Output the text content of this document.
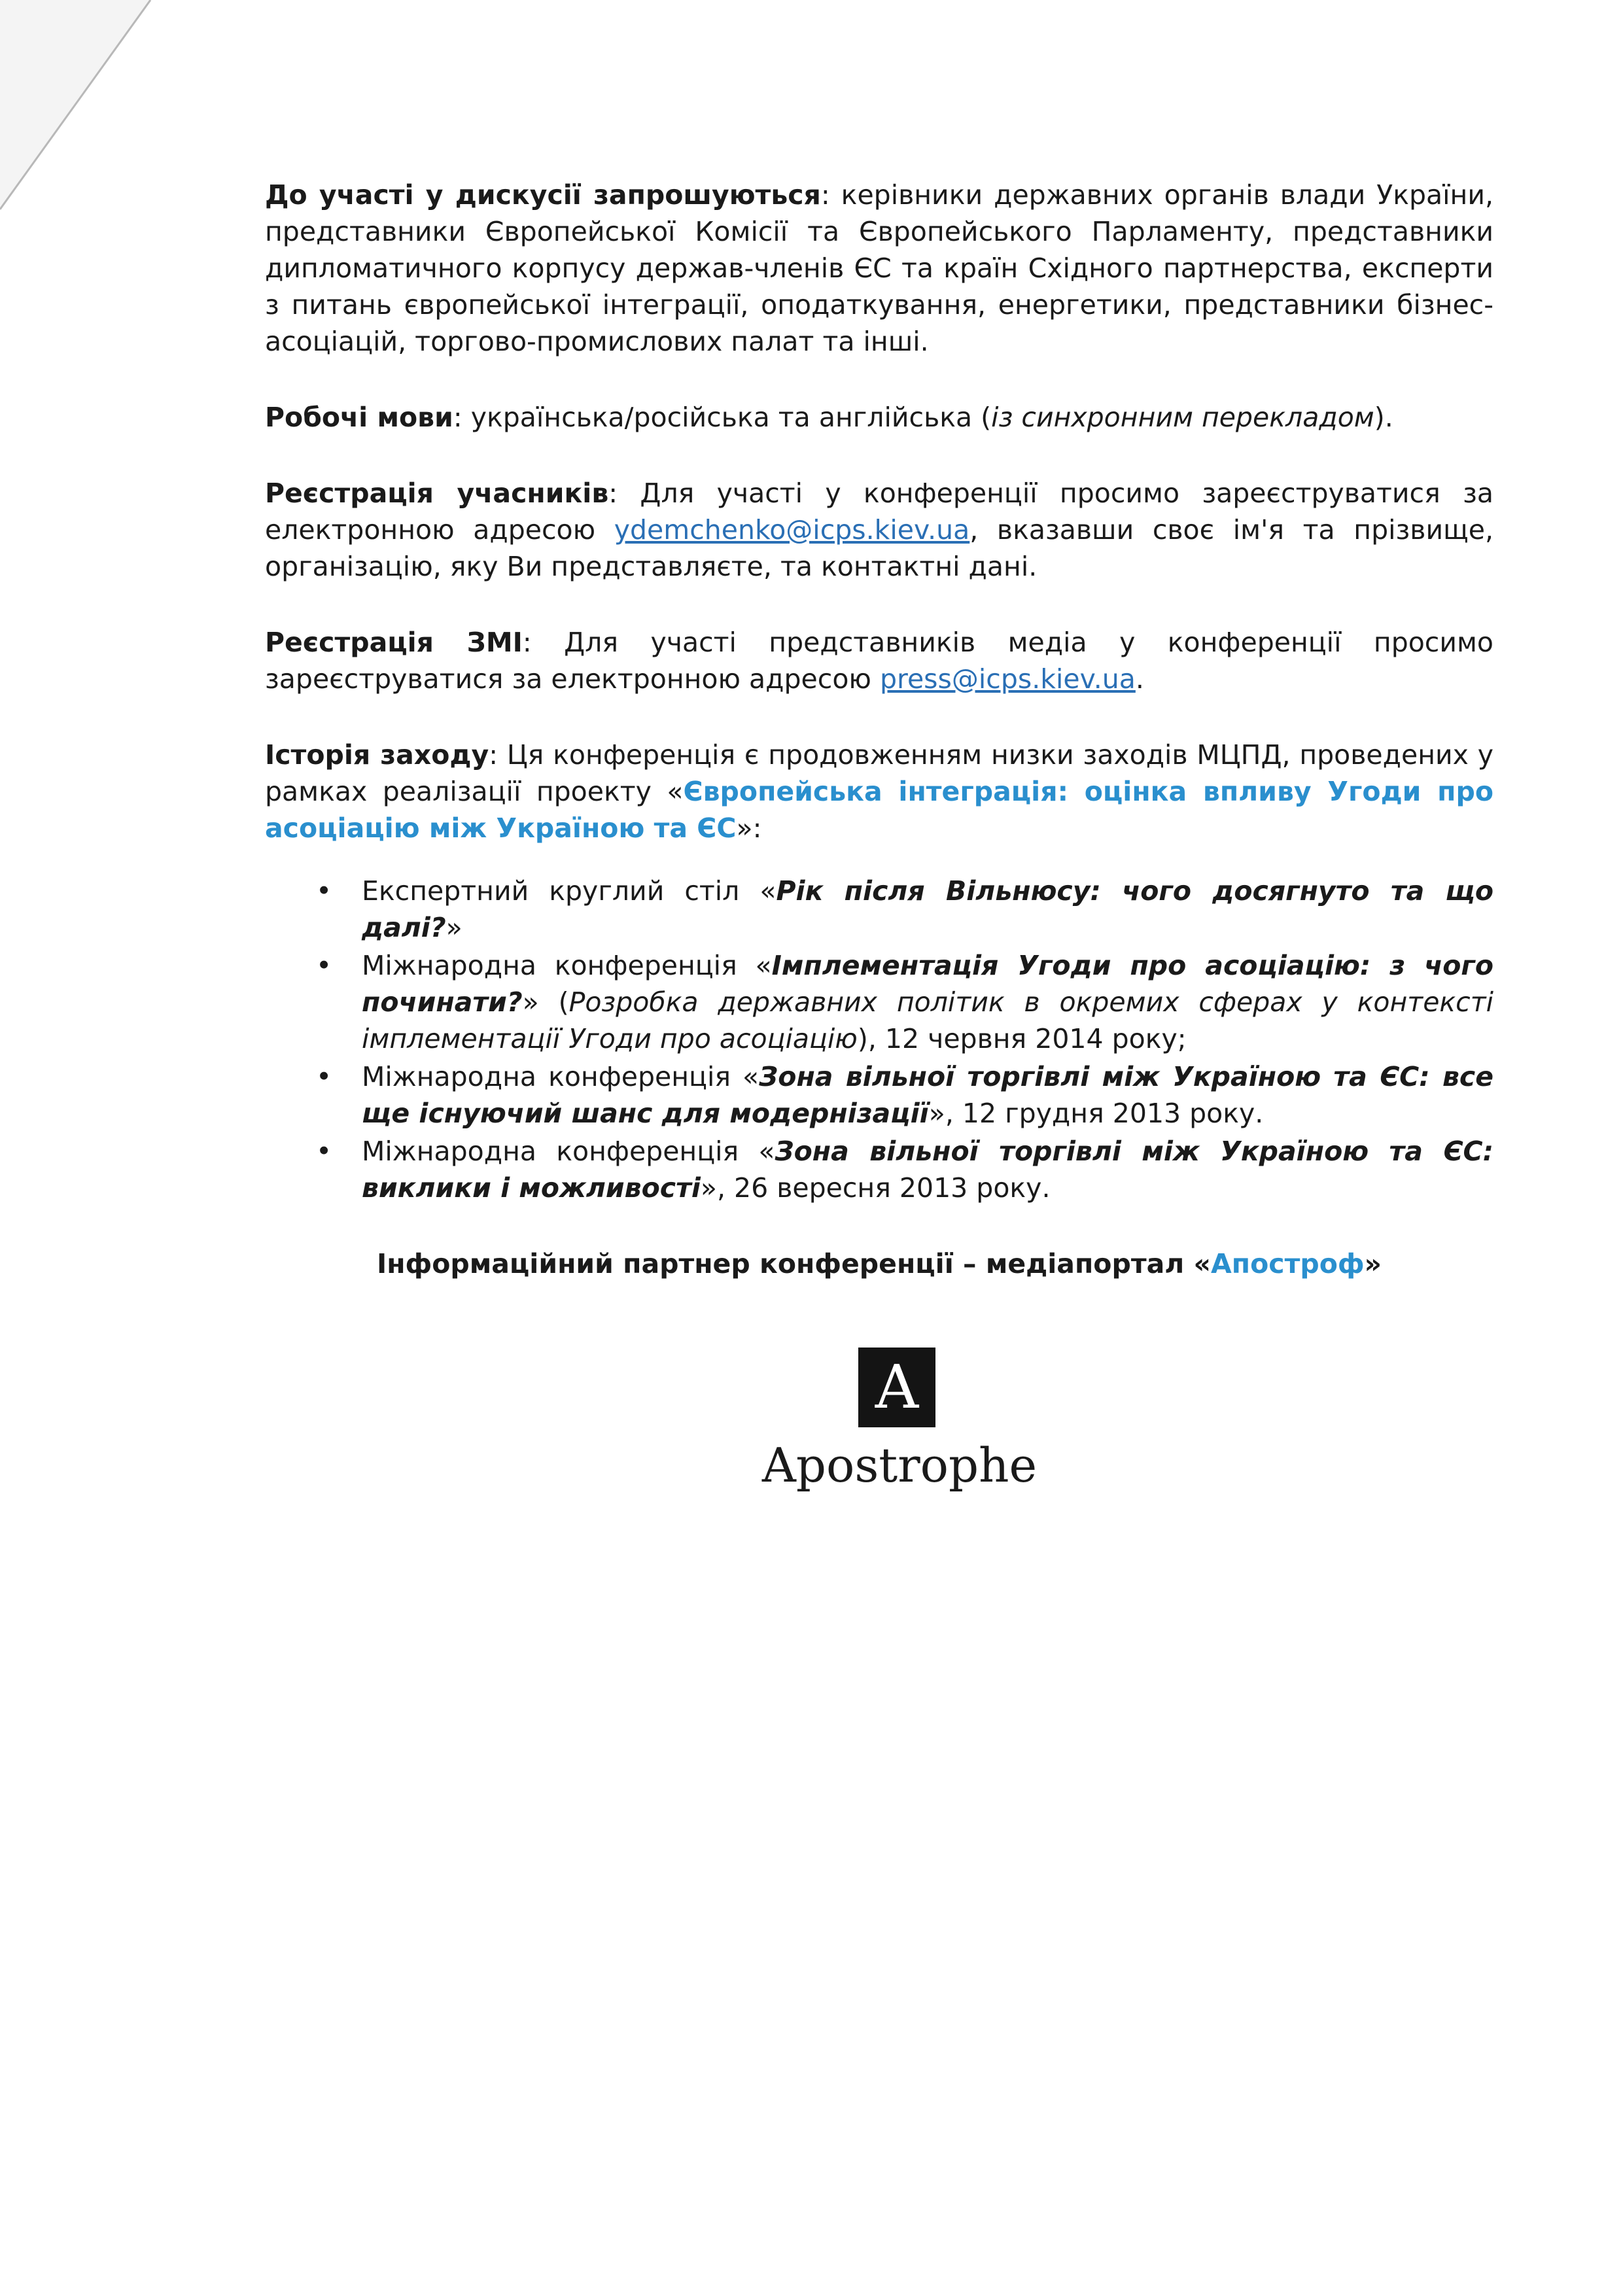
До участі у дискусії запрошуються: керівники державних органів влади України, представники Європейської Комісії та Європейського Парламенту, представники дипломатичного корпусу держав-членів ЄС та країн Східного партнерства, експерти з питань європейської інтеграції, оподаткування, енергетики, представники бізнес-асоціацій, торгово-промислових палат та інші.

Робочі мови: українська/російська та англійська (із синхронним перекладом).

Реєстрація учасників: Для участі у конференції просимо зареєструватися за електронною адресою ydemchenko@icps.kiev.ua, вказавши своє ім'я та прізвище, організацію, яку Ви представляєте, та контактні дані.

Реєстрація ЗМІ: Для участі представників медіа у конференції просимо зареєструватися за електронною адресою press@icps.kiev.ua.

Історія заходу: Ця конференція є продовженням низки заходів МЦПД, проведених у рамках реалізації проекту «Європейська інтеграція: оцінка впливу Угоди про асоціацію між Україною та ЄС»:

• Експертний круглий стіл «Рік після Вільнюсу: чого досягнуто та що далі?»
• Міжнародна конференція «Імплементація Угоди про асоціацію: з чого починати?» (Розробка державних політик в окремих сферах у контексті імплементації Угоди про асоціацію), 12 червня 2014 року;
• Міжнародна конференція «Зона вільної торгівлі між Україною та ЄС: все ще існуючий шанс для модернізації», 12 грудня 2013 року.
• Міжнародна конференція «Зона вільної торгівлі між Україною та ЄС: виклики і можливості», 26 вересня 2013 року.

Інформаційний партнер конференції – медіапортал «Апостроф»

A
Apostrophe
